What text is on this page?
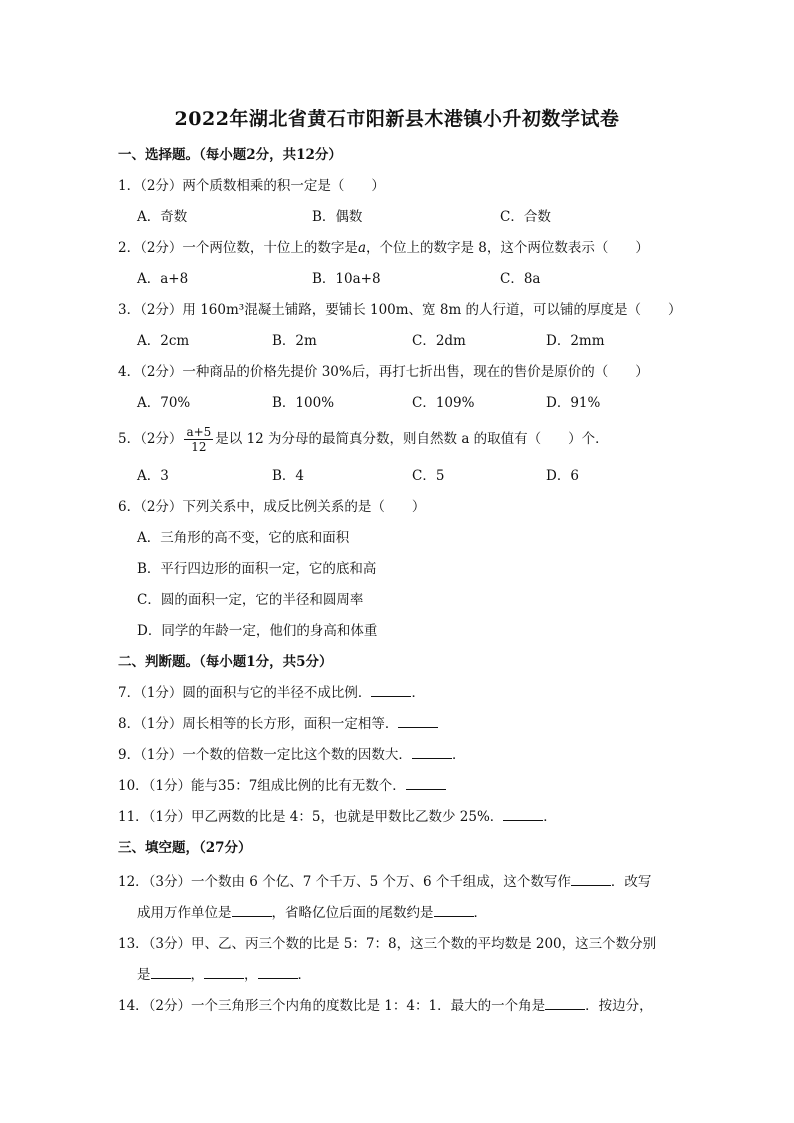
2022年湖北省黄石市阳新县木港镇小升初数学试卷
一、选择题。（每小题2分，共12分）
1．（2分）两个质数相乘的积一定是（　　）
A．奇数	B．偶数	C．合数
2．（2分）一个两位数，十位上的数字是a，个位上的数字是 8，这个两位数表示（　　）
A．a+8	B．10a+8	C．8a
3．（2分）用 160m³混凝土铺路，要铺长 100m、宽 8m 的人行道，可以铺的厚度是（　　）
A．2cm	B．2m	C．2dm	D．2mm
4．（2分）一种商品的价格先提价 30%后，再打七折出售，现在的售价是原价的（　　）
A．70%	B．100%	C．109%	D．91%
5．（2分） $\frac{a+5}{12}$ 是以 12 为分母的最简真分数，则自然数 a 的取值有（　　）个．
A．3	B．4	C．5	D．6
6．（2分）下列关系中，成反比例关系的是（　　）
A．三角形的高不变，它的底和面积
B．平行四边形的面积一定，它的底和高
C．圆的面积一定，它的半径和圆周率
D．同学的年龄一定，他们的身高和体重
二、判断题。（每小题1分，共5分）
7．（1分）圆的面积与它的半径不成比例．	．
8．（1分）周长相等的长方形，面积一定相等．
9．（1分）一个数的倍数一定比这个数的因数大．	．
10．（1分）能与35：7组成比例的比有无数个．
11．（1分）甲乙两数的比是 4：5，也就是甲数比乙数少 25%．	．
三、填空题，（27分）
12．（3分）一个数由 6 个亿、7 个千万、5 个万、6 个千组成，这个数写作	．改写
成用万作单位是	，省略亿位后面的尾数约是	．
13．（3分）甲、乙、丙三个数的比是 5：7：8，这三个数的平均数是 200，这三个数分别
是	，	，	．
14．（2分）一个三角形三个内角的度数比是 1：4：1．最大的一个角是	．按边分，
